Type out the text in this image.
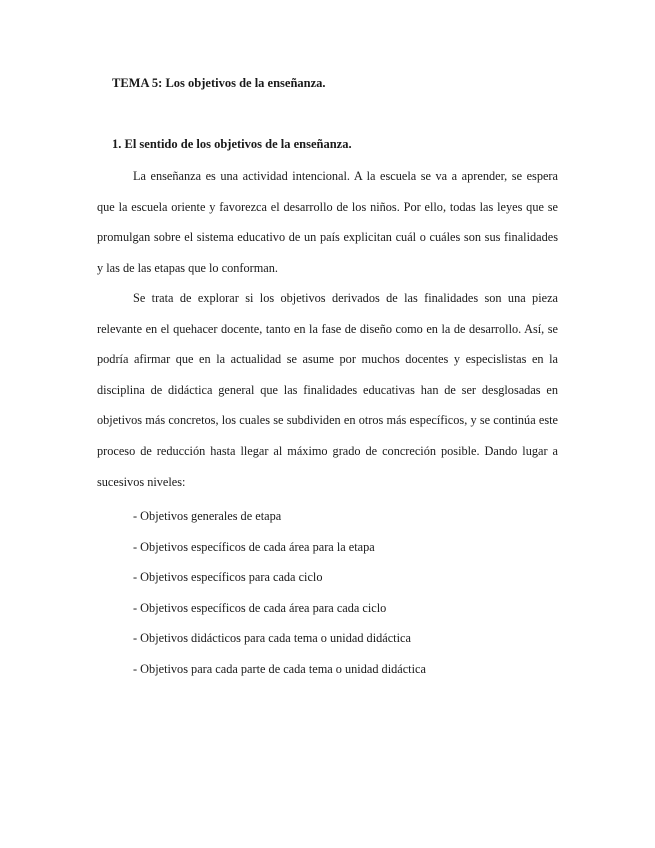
TEMA 5: Los objetivos de la enseñanza.
1. El sentido de los objetivos de la enseñanza.

La enseñanza es una actividad intencional. A la escuela se va a aprender, se espera que la escuela oriente y favorezca el desarrollo de los niños. Por ello, todas las leyes que se promulgan sobre el sistema educativo de un país explicitan cuál o cuáles son sus finalidades y las de las etapas que lo conforman.

Se trata de explorar si los objetivos derivados de las finalidades son una pieza relevante en el quehacer docente, tanto en la fase de diseño como en la de desarrollo. Así, se podría afirmar que en la actualidad se asume por muchos docentes y especislistas en la disciplina de didáctica general que las finalidades educativas han de ser desglosadas en objetivos más concretos, los cuales se subdividen en otros más específicos, y se continúa este proceso de reducción hasta llegar al máximo grado de concreción posible. Dando lugar a sucesivos niveles:

- Objetivos generales de etapa
- Objetivos específicos de cada área para la etapa
- Objetivos específicos para cada ciclo
- Objetivos específicos de cada área para cada ciclo
- Objetivos didácticos para cada tema o unidad didáctica
- Objetivos para cada parte de cada tema o unidad didáctica
